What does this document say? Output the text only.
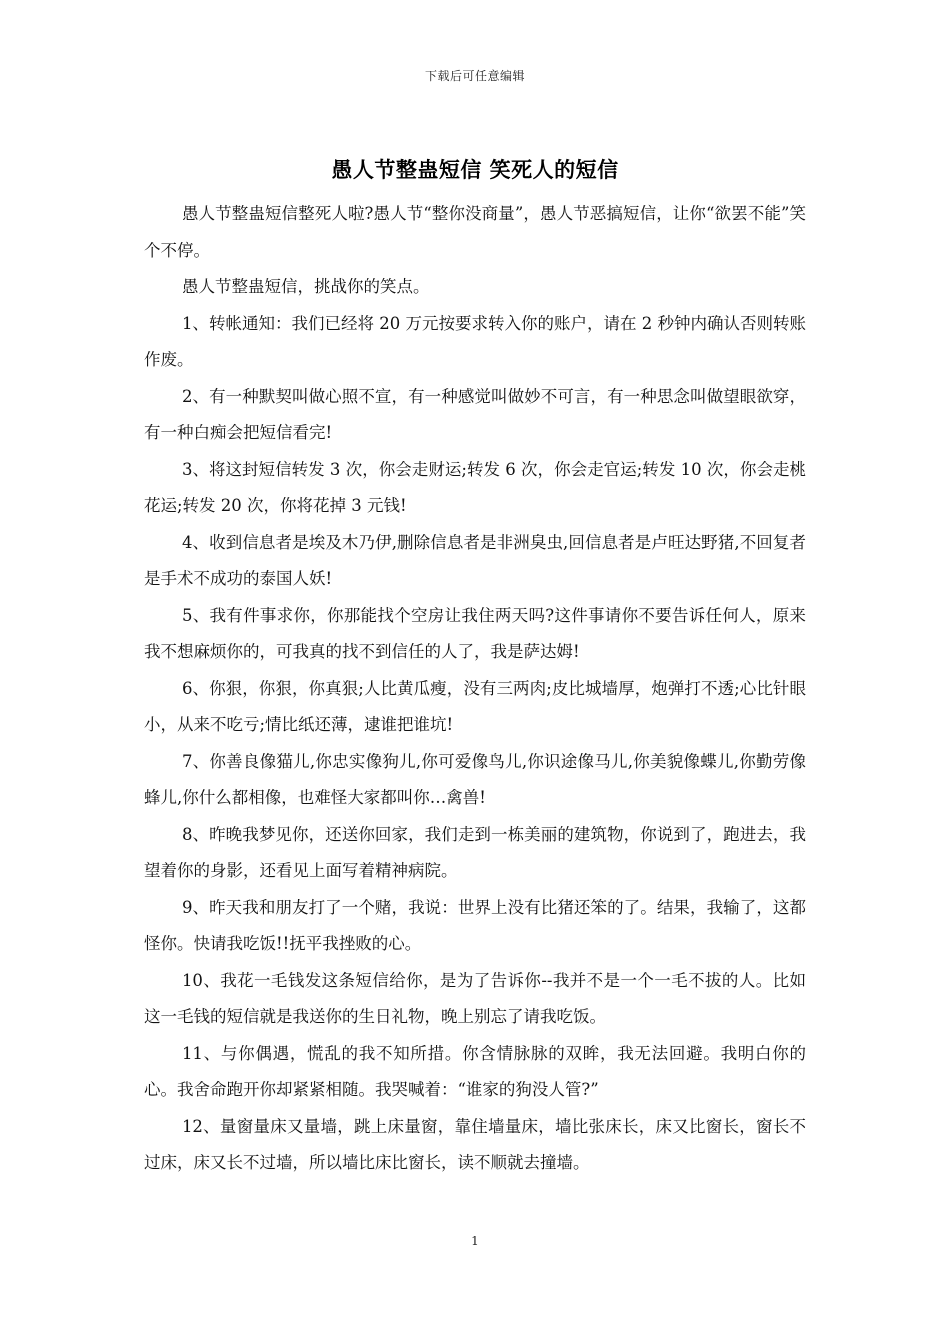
下载后可任意编辑
愚人节整蛊短信 笑死人的短信

愚人节整蛊短信整死人啦?愚人节“整你没商量”，愚人节恶搞短信，让你“欲罢不能”笑个不停。

愚人节整蛊短信，挑战你的笑点。

1、转帐通知：我们已经将 20 万元按要求转入你的账户，请在 2 秒钟内确认否则转账作废。

2、有一种默契叫做心照不宣，有一种感觉叫做妙不可言，有一种思念叫做望眼欲穿，有一种白痴会把短信看完!

3、将这封短信转发 3 次，你会走财运;转发 6 次，你会走官运;转发 10 次，你会走桃花运;转发 20 次，你将花掉 3 元钱!

4、收到信息者是埃及木乃伊,删除信息者是非洲臭虫,回信息者是卢旺达野猪,不回复者是手术不成功的泰国人妖!

5、我有件事求你，你那能找个空房让我住两天吗?这件事请你不要告诉任何人，原来我不想麻烦你的，可我真的找不到信任的人了，我是萨达姆!

6、你狠，你狠，你真狠;人比黄瓜瘦，没有三两肉;皮比城墙厚，炮弹打不透;心比针眼小，从来不吃亏;情比纸还薄，逮谁把谁坑!

7、你善良像猫儿,你忠实像狗儿,你可爱像鸟儿,你识途像马儿,你美貌像蝶儿,你勤劳像蜂儿,你什么都相像，也难怪大家都叫你…禽兽!

8、昨晚我梦见你，还送你回家，我们走到一栋美丽的建筑物，你说到了，跑进去，我望着你的身影，还看见上面写着精神病院。

9、昨天我和朋友打了一个赌，我说：世界上没有比猪还笨的了。结果，我输了，这都怪你。快请我吃饭!!抚平我挫败的心。

10、我花一毛钱发这条短信给你，是为了告诉你--我并不是一个一毛不拔的人。比如这一毛钱的短信就是我送你的生日礼物，晚上别忘了请我吃饭。

11、与你偶遇，慌乱的我不知所措。你含情脉脉的双眸，我无法回避。我明白你的心。我舍命跑开你却紧紧相随。我哭喊着：“谁家的狗没人管?”

12、量窗量床又量墙，跳上床量窗，靠住墙量床，墙比张床长，床又比窗长，窗长不过床，床又长不过墙，所以墙比床比窗长，读不顺就去撞墙。

1
